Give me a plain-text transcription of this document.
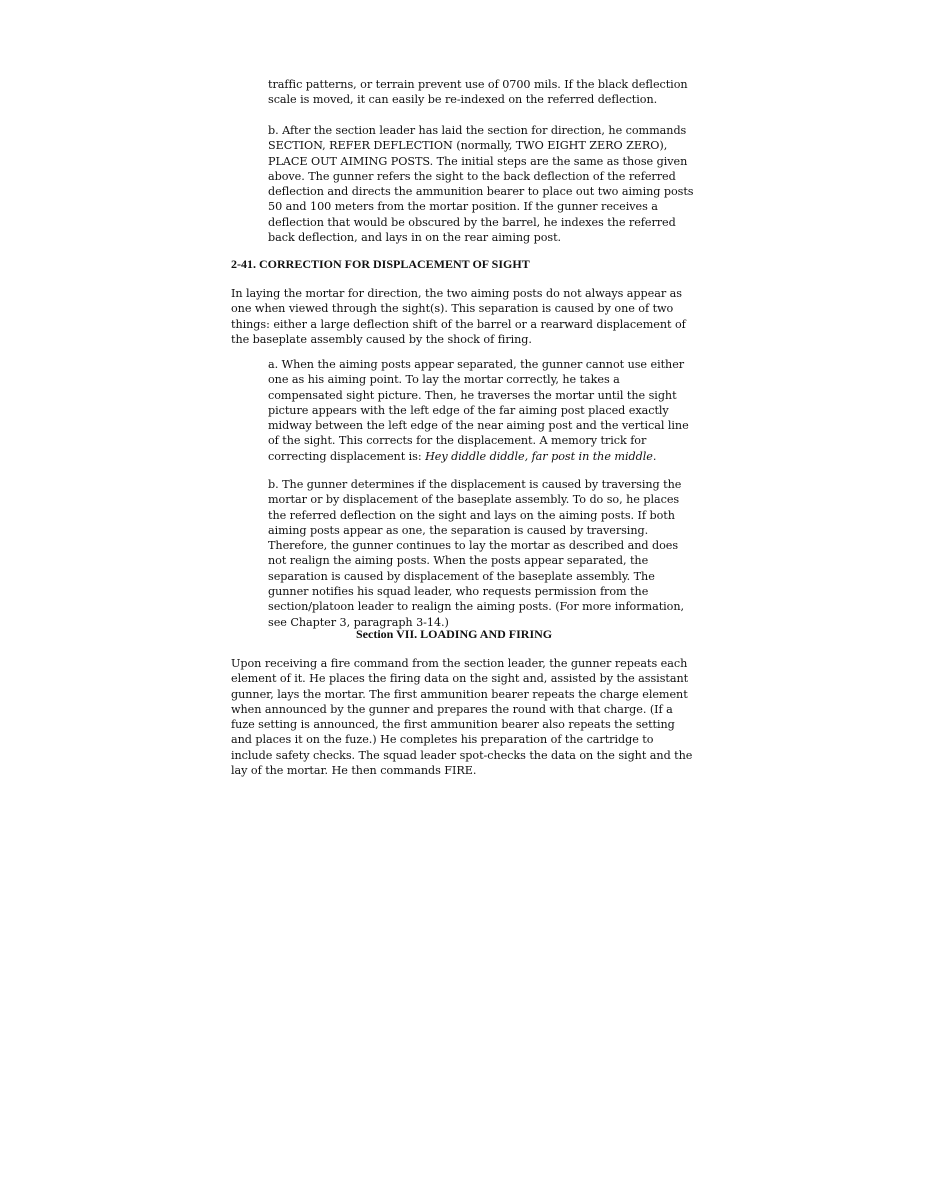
traffic patterns, or terrain prevent use of 0700 mils. If the black deflection scale is moved, it can easily be re-indexed on the referred deflection.

b. After the section leader has laid the section for direction, he commands SECTION, REFER DEFLECTION (normally, TWO EIGHT ZERO ZERO), PLACE OUT AIMING POSTS. The initial steps are the same as those given above. The gunner refers the sight to the back deflection of the referred deflection and directs the ammunition bearer to place out two aiming posts 50 and 100 meters from the mortar position. If the gunner receives a deflection that would be obscured by the barrel, he indexes the referred back deflection, and lays in on the rear aiming post.

2-41. CORRECTION FOR DISPLACEMENT OF SIGHT

In laying the mortar for direction, the two aiming posts do not always appear as one when viewed through the sight(s). This separation is caused by one of two things: either a large deflection shift of the barrel or a rearward displacement of the baseplate assembly caused by the shock of firing.

a. When the aiming posts appear separated, the gunner cannot use either one as his aiming point. To lay the mortar correctly, he takes a compensated sight picture. Then, he traverses the mortar until the sight picture appears with the left edge of the far aiming post placed exactly midway between the left edge of the near aiming post and the vertical line of the sight. This corrects for the displacement. A memory trick for correcting displacement is: Hey diddle diddle, far post in the middle.

b. The gunner determines if the displacement is caused by traversing the mortar or by displacement of the baseplate assembly. To do so, he places the referred deflection on the sight and lays on the aiming posts. If both aiming posts appear as one, the separation is caused by traversing. Therefore, the gunner continues to lay the mortar as described and does not realign the aiming posts. When the posts appear separated, the separation is caused by displacement of the baseplate assembly. The gunner notifies his squad leader, who requests permission from the section/platoon leader to realign the aiming posts. (For more information, see Chapter 3, paragraph 3-14.)

Section VII. LOADING AND FIRING

Upon receiving a fire command from the section leader, the gunner repeats each element of it. He places the firing data on the sight and, assisted by the assistant gunner, lays the mortar. The first ammunition bearer repeats the charge element when announced by the gunner and prepares the round with that charge. (If a fuze setting is announced, the first ammunition bearer also repeats the setting and places it on the fuze.) He completes his preparation of the cartridge to include safety checks. The squad leader spot-checks the data on the sight and the lay of the mortar. He then commands FIRE.
